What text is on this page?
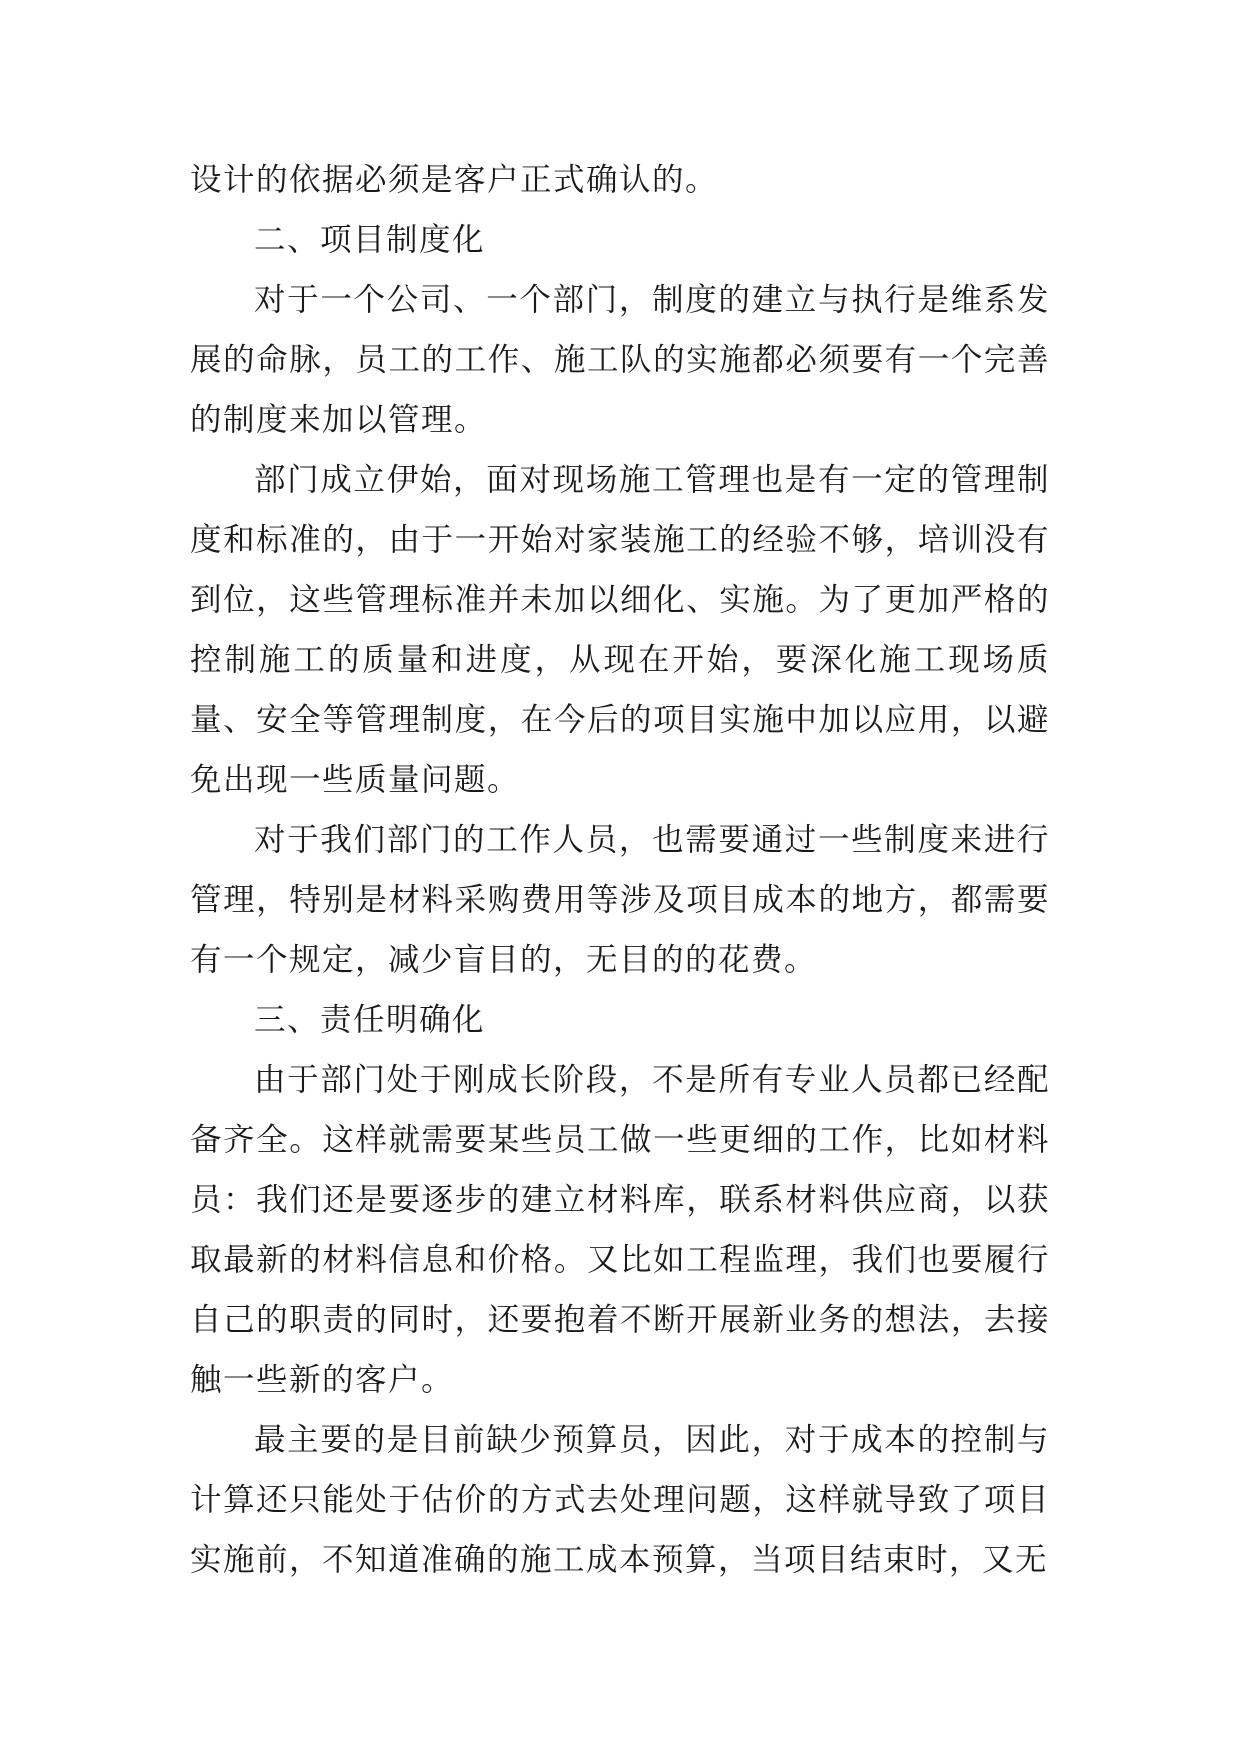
设计的依据必须是客户正式确认的。

二、项目制度化

对于一个公司、一个部门，制度的建立与执行是维系发展的命脉，员工的工作、施工队的实施都必须要有一个完善的制度来加以管理。

部门成立伊始，面对现场施工管理也是有一定的管理制度和标准的，由于一开始对家装施工的经验不够，培训没有到位，这些管理标准并未加以细化、实施。为了更加严格的控制施工的质量和进度，从现在开始，要深化施工现场质量、安全等管理制度，在今后的项目实施中加以应用，以避免出现一些质量问题。

对于我们部门的工作人员，也需要通过一些制度来进行管理，特别是材料采购费用等涉及项目成本的地方，都需要有一个规定，减少盲目的，无目的的花费。

三、责任明确化

由于部门处于刚成长阶段，不是所有专业人员都已经配备齐全。这样就需要某些员工做一些更细的工作，比如材料员：我们还是要逐步的建立材料库，联系材料供应商，以获取最新的材料信息和价格。又比如工程监理，我们也要履行自己的职责的同时，还要抱着不断开展新业务的想法，去接触一些新的客户。

最主要的是目前缺少预算员，因此，对于成本的控制与计算还只能处于估价的方式去处理问题，这样就导致了项目实施前，不知道准确的施工成本预算，当项目结束时，又无
